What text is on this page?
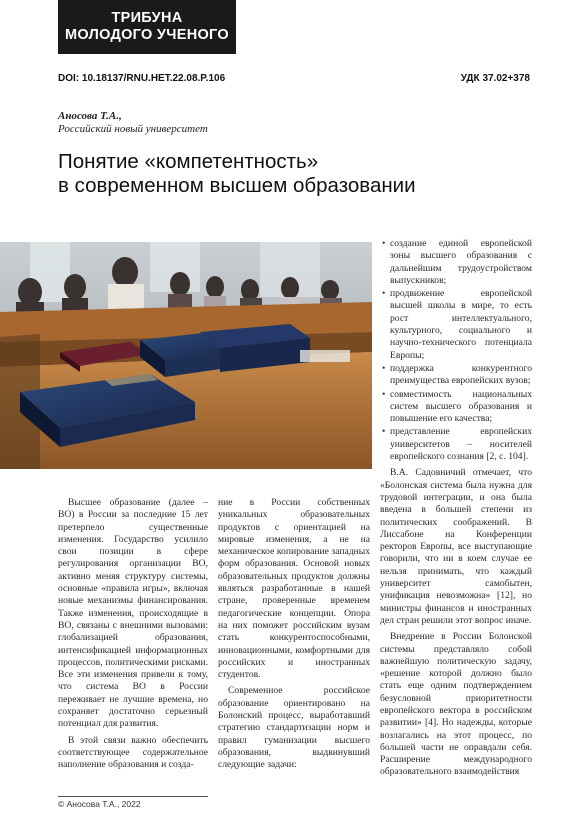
ТРИБУНА
МОЛОДОГО УЧЕНОГО
DOI: 10.18137/RNU.HET.22.08.P.106	УДК 37.02+378
Аносова Т.А.,
Российский новый университет
Понятие «компетентность»
в современном высшем образовании

Высшее образование (далее – ВО) в России за последние 15 лет претерпело существенные изменения. Государство усилило свои позиции в сфере регулирования организации ВО, активно меняя структуру системы, основные «правила игры», включая новые механизмы финансирования. Также изменения, происходящие в ВО, связаны с внешними вызовами: глобализацией образования, интенсификацией информационных процессов, политическими рисками. Все эти изменения привели к тому, что система ВО в России переживает не лучшие времена, но сохраняет достаточно серьезный потенциал для развития.

В этой связи важно обеспечить соответствующее содержательное наполнение образования и созда-

ние в России собственных уникальных образовательных продуктов с ориентацией на мировые изменения, а не на механическое копирование западных форм образования. Основой новых образовательных продуктов должны являться разработанные в нашей стране, проверенные временем педагогические концепции. Опора на них поможет российским вузам стать конкурентоспособными, инновационными, комфортными для российских и иностранных студентов.

Современное российское образование ориентировано на Болонский процесс, выработавший стратегию стандартизации норм и правил гуманизации высшего образования, выдвинувший следующие задачи:

• создание единой европейской зоны высшего образования с дальнейшим трудоустройством выпускников;
• продвижение европейской высшей школы в мире, то есть рост интеллектуального, культурного, социального и научно-технического потенциала Европы;
• поддержка конкурентного преимущества европейских вузов;
• совместимость национальных систем высшего образования и повышение его качества;
• представление европейских университетов – носителей европейского сознания [2, с. 104].

В.А. Садовничий отмечает, что «Болонская система была нужна для трудовой интеграции, и она была введена в большей степени из политических соображений. В Лиссабоне на Конференции ректоров Европы, все выступающие говорили, что ни в коем случае ее нельзя принимать, что каждый университет самобытен, унификация невозможна» [12], но министры финансов и иностранных дел стран решили этот вопрос иначе.

Внедрение в России Болонской системы представляло собой важнейшую политическую задачу, «решение которой должно было стать еще одним подтверждением безусловной приоритетности европейского вектора в российском развитии» [4]. Но надежды, которые возлагались на этот процесс, по большей части не оправдали себя. Расширение международного образовательного взаимодействия

© Аносова Т.А., 2022
